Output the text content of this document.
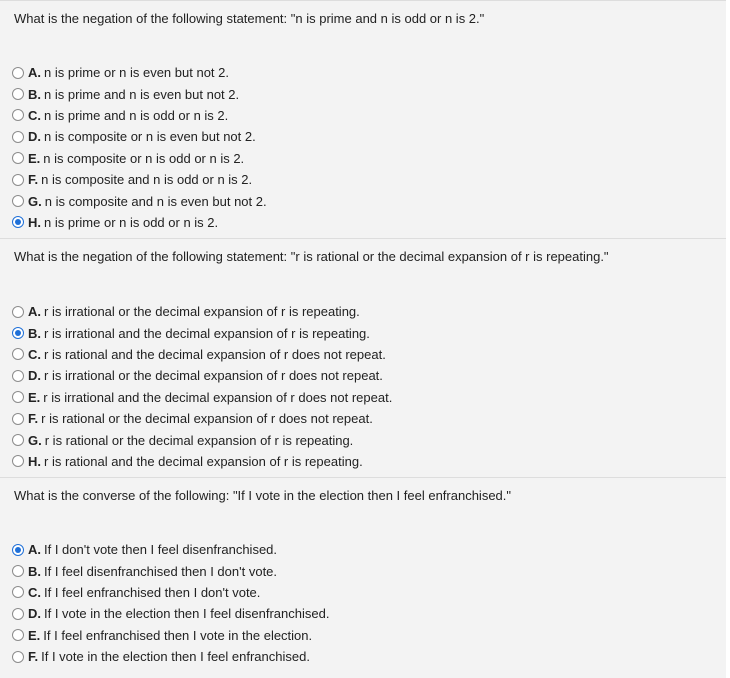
What is the negation of the following statement: "n is prime and n is odd or n is 2."
A. n is prime or n is even but not 2.
B. n is prime and n is even but not 2.
C. n is prime and n is odd or n is 2.
D. n is composite or n is even but not 2.
E. n is composite or n is odd or n is 2.
F. n is composite and n is odd or n is 2.
G. n is composite and n is even but not 2.
H. n is prime or n is odd or n is 2.
What is the negation of the following statement: "r is rational or the decimal expansion of r is repeating."
A. r is irrational or the decimal expansion of r is repeating.
B. r is irrational and the decimal expansion of r is repeating.
C. r is rational and the decimal expansion of r does not repeat.
D. r is irrational or the decimal expansion of r does not repeat.
E. r is irrational and the decimal expansion of r does not repeat.
F. r is rational or the decimal expansion of r does not repeat.
G. r is rational or the decimal expansion of r is repeating.
H. r is rational and the decimal expansion of r is repeating.
What is the converse of the following: "If I vote in the election then I feel enfranchised."
A. If I don't vote then I feel disenfranchised.
B. If I feel disenfranchised then I don't vote.
C. If I feel enfranchised then I don't vote.
D. If I vote in the election then I feel disenfranchised.
E. If I feel enfranchised then I vote in the election.
F. If I vote in the election then I feel enfranchised.
